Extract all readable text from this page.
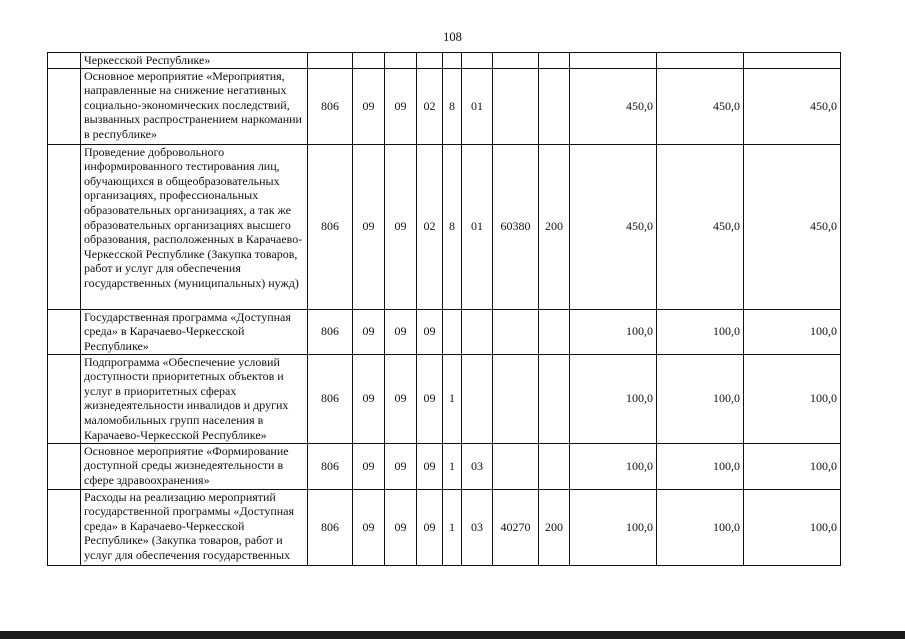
108
	Черкесской Республике»											
	Основное мероприятие «Мероприятия, направленные на снижение негативных социально-экономических последствий, вызванных распространением наркомании в республике»	806	09	09	02	8	01			450,0	450,0	450,0
	Проведение добровольного информированного тестирования лиц, обучающихся в общеобразовательных организациях, профессиональных образовательных организациях, а так же образовательных организациях высшего образования, расположенных в Карачаево-Черкесской Республике (Закупка товаров, работ и услуг для обеспечения государственных (муниципальных) нужд)	806	09	09	02	8	01	60380	200	450,0	450,0	450,0
	Государственная программа «Доступная среда» в Карачаево-Черкесской Республике»	806	09	09	09					100,0	100,0	100,0
	Подпрограмма «Обеспечение условий доступности приоритетных объектов и услуг в приоритетных сферах жизнедеятельности инвалидов и других маломобильных групп населения в Карачаево-Черкесской Республике»	806	09	09	09	1				100,0	100,0	100,0
	Основное мероприятие «Формирование доступной среды жизнедеятельности в сфере здравоохранения»	806	09	09	09	1	03			100,0	100,0	100,0
	Расходы на реализацию мероприятий государственной программы «Доступная среда» в Карачаево-Черкесской Республике» (Закупка товаров, работ и услуг для обеспечения государственных	806	09	09	09	1	03	40270	200	100,0	100,0	100,0
